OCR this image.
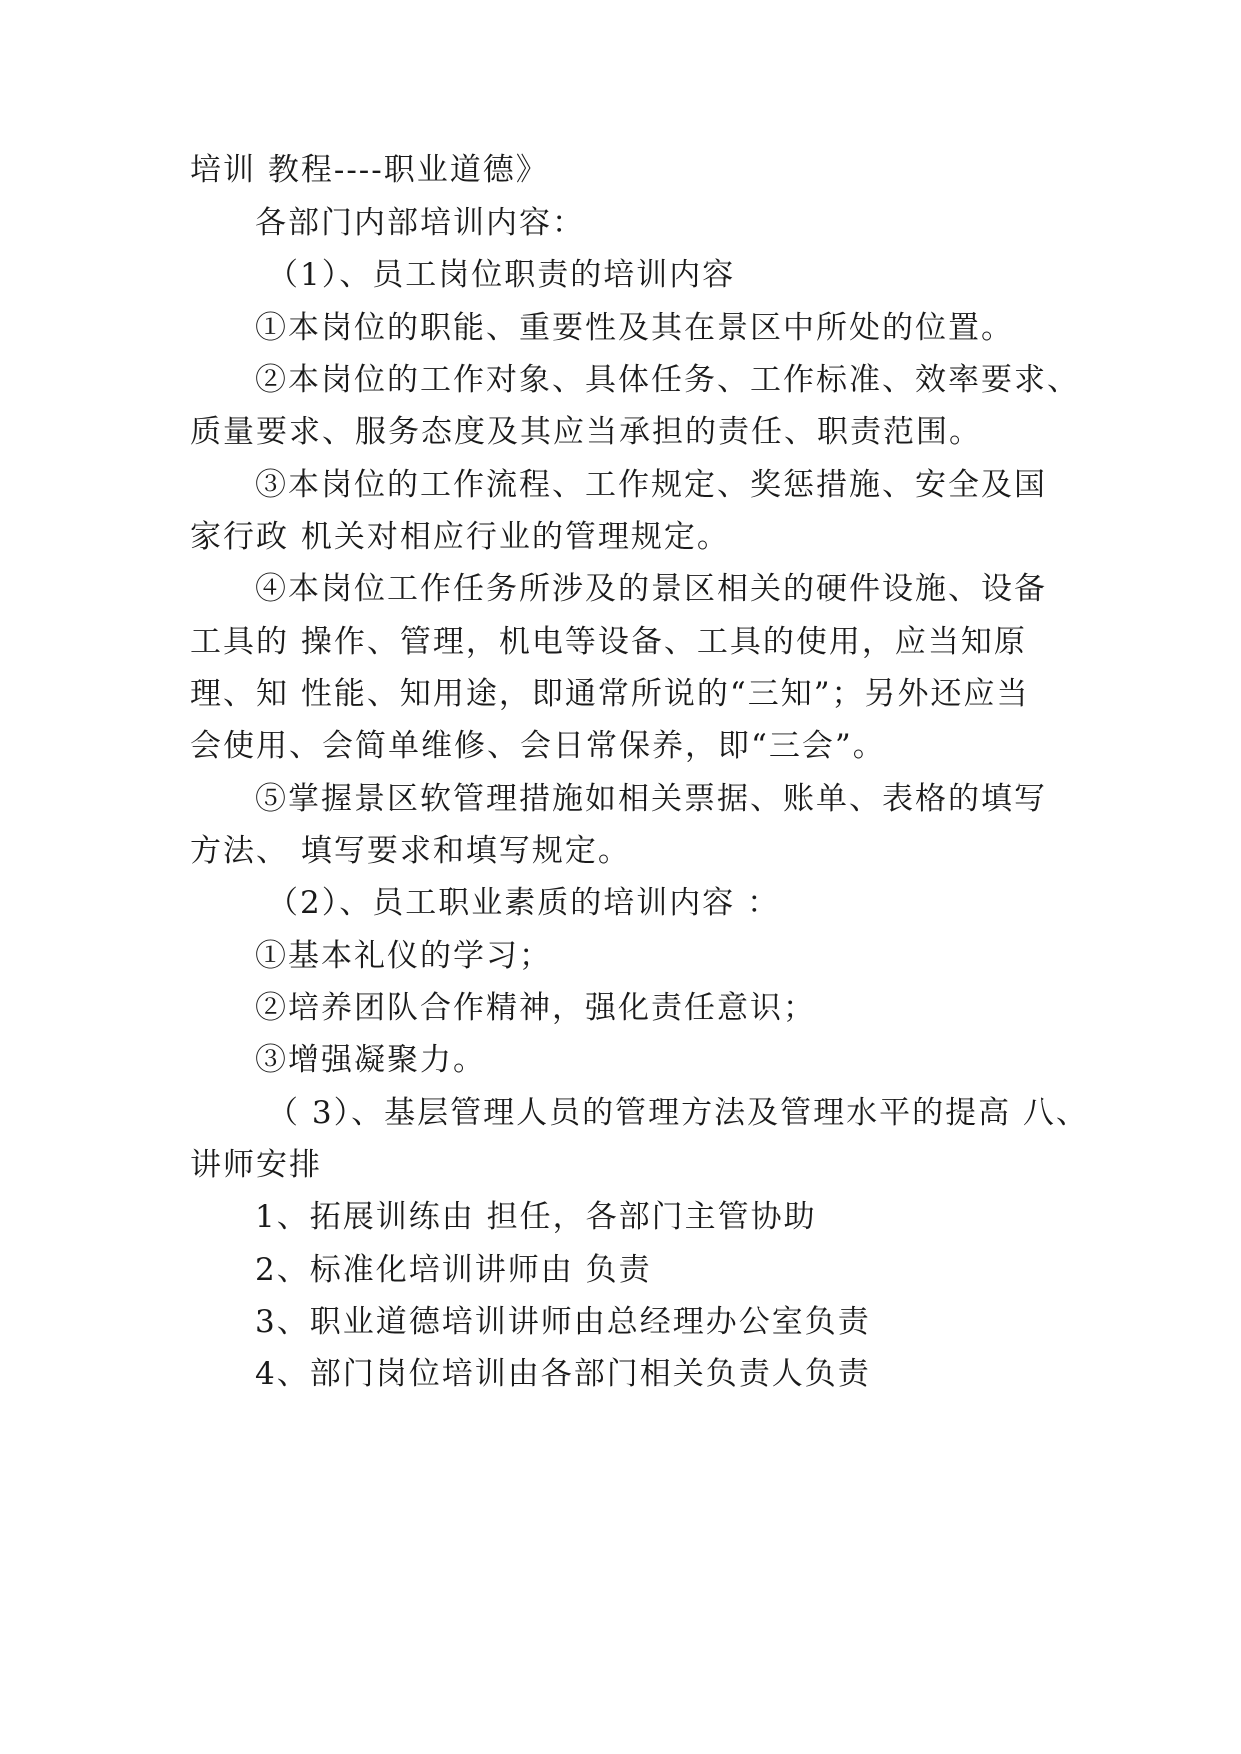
培训 教程----职业道德》
各部门内部培训内容：
（1）、员工岗位职责的培训内容
①本岗位的职能、重要性及其在景区中所处的位置。
②本岗位的工作对象、具体任务、工作标准、效率要求、
质量要求、服务态度及其应当承担的责任、职责范围。
③本岗位的工作流程、工作规定、奖惩措施、安全及国
家行政 机关对相应行业的管理规定。
④本岗位工作任务所涉及的景区相关的硬件设施、设备
工具的 操作、管理，机电等设备、工具的使用，应当知原
理、知 性能、知用途，即通常所说的“三知”；另外还应当
会使用、会简单维修、会日常保养，即“三会”。
⑤掌握景区软管理措施如相关票据、账单、表格的填写
方法、 填写要求和填写规定。
（2）、员工职业素质的培训内容 ：
①基本礼仪的学习；
②培养团队合作精神，强化责任意识；
③增强凝聚力。
（ 3）、基层管理人员的管理方法及管理水平的提高 八、
讲师安排
1、拓展训练由 担任，各部门主管协助
2、标准化培训讲师由 负责
3、职业道德培训讲师由总经理办公室负责
4、部门岗位培训由各部门相关负责人负责
